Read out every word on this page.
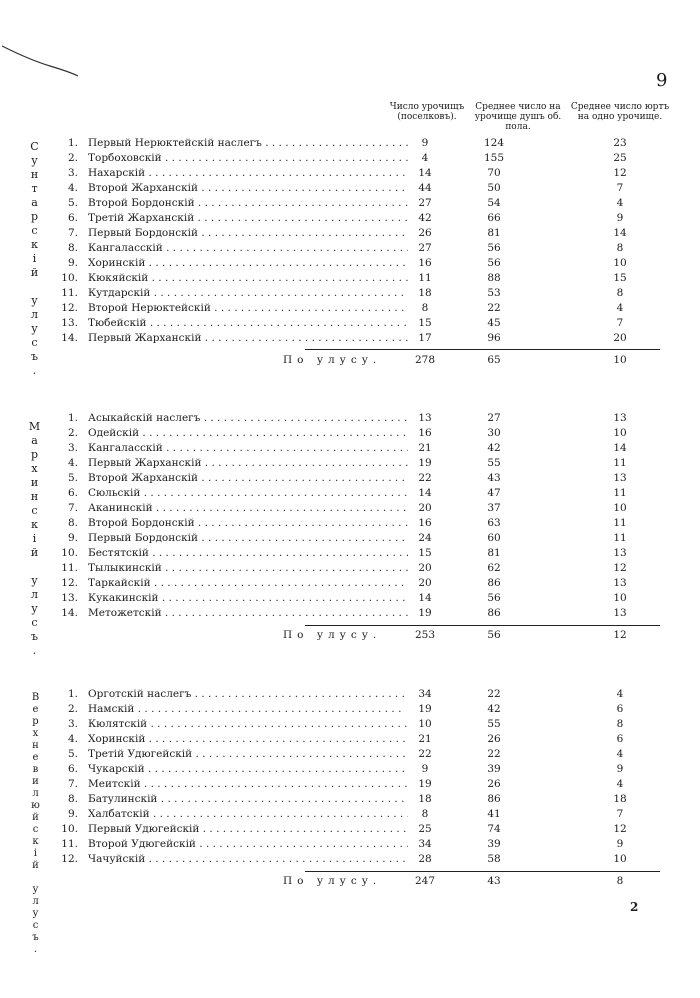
9
Число урочищъ (поселковъ).
Среднее число на урочище душъ об. пола.
Среднее число юртъ на одно урочище.
Сунтарскій улусъ.	1. Первый Нерюктейскій наслегъ . . .	9	124	23
2. Торбоховскій . . .	4	155	25
3. Нахарскій . . .	14	70	12
4. Второй Жарханскій . . .	44	50	7
5. Второй Бордонскій . . .	27	54	4
6. Третій Жарханскій . . .	42	66	9
7. Первый Бордонскій . . .	26	81	14
8. Кангаласскій . . .	27	56	8
9. Хоринскій . . .	16	56	10
10. Кюкяйскій . . .	11	88	15
11. Кутдарскій . . .	18	53	8
12. Второй Нерюктейскій . . .	8	22	4
13. Тюбейскій . . .	15	45	7
14. Первый Жарханскій . . .	17	96	20
По улусу.	278	65	10
Мархинскій улусъ.
1. Асыкайскій наслегъ . . .	13	27	13
2. Одейскій . . .	16	30	10
3. Кангаласскій . . .	21	42	14
4. Первый Жарханскій . . .	19	55	11
5. Второй Жарханскій . . .	22	43	13
6. Сюльскій . . .	14	47	11
7. Аканинскій . . .	20	37	10
8. Второй Бордонскій . . .	16	63	11
9. Первый Бордонскій . . .	24	60	11
10. Бестятскій . . .	15	81	13
11. Тылыкинскій . . .	20	62	12
12. Таркайскій . . .	20	86	13
13. Кукакинскій . . .	14	56	10
14. Метожетскій . . .	19	86	13
По улусу.	253	56	12
Верхневилюйскій улусъ.	1. Орготскій наслегъ . . .	34	22	4
2. Намскій . . .	19	42	6
3. Кюлятскій . . .	10	55	8
4. Хоринскій . . .	21	26	6
5. Третій Удюгейскій . . .	22	22	4
6. Чукарскій . . .	9	39	9
7. Меитскій . . .	19	26	4
8. Батулинскій . . .	18	86	18
9. Халбатскій . . .	8	41	7
10. Первый Удюгейскій . . .	25	74	12
11. Второй Удюгейскій . . .	34	39	9
12. Чачуйскій . . .	28	58	10
По улусу.	247	43	8
2
